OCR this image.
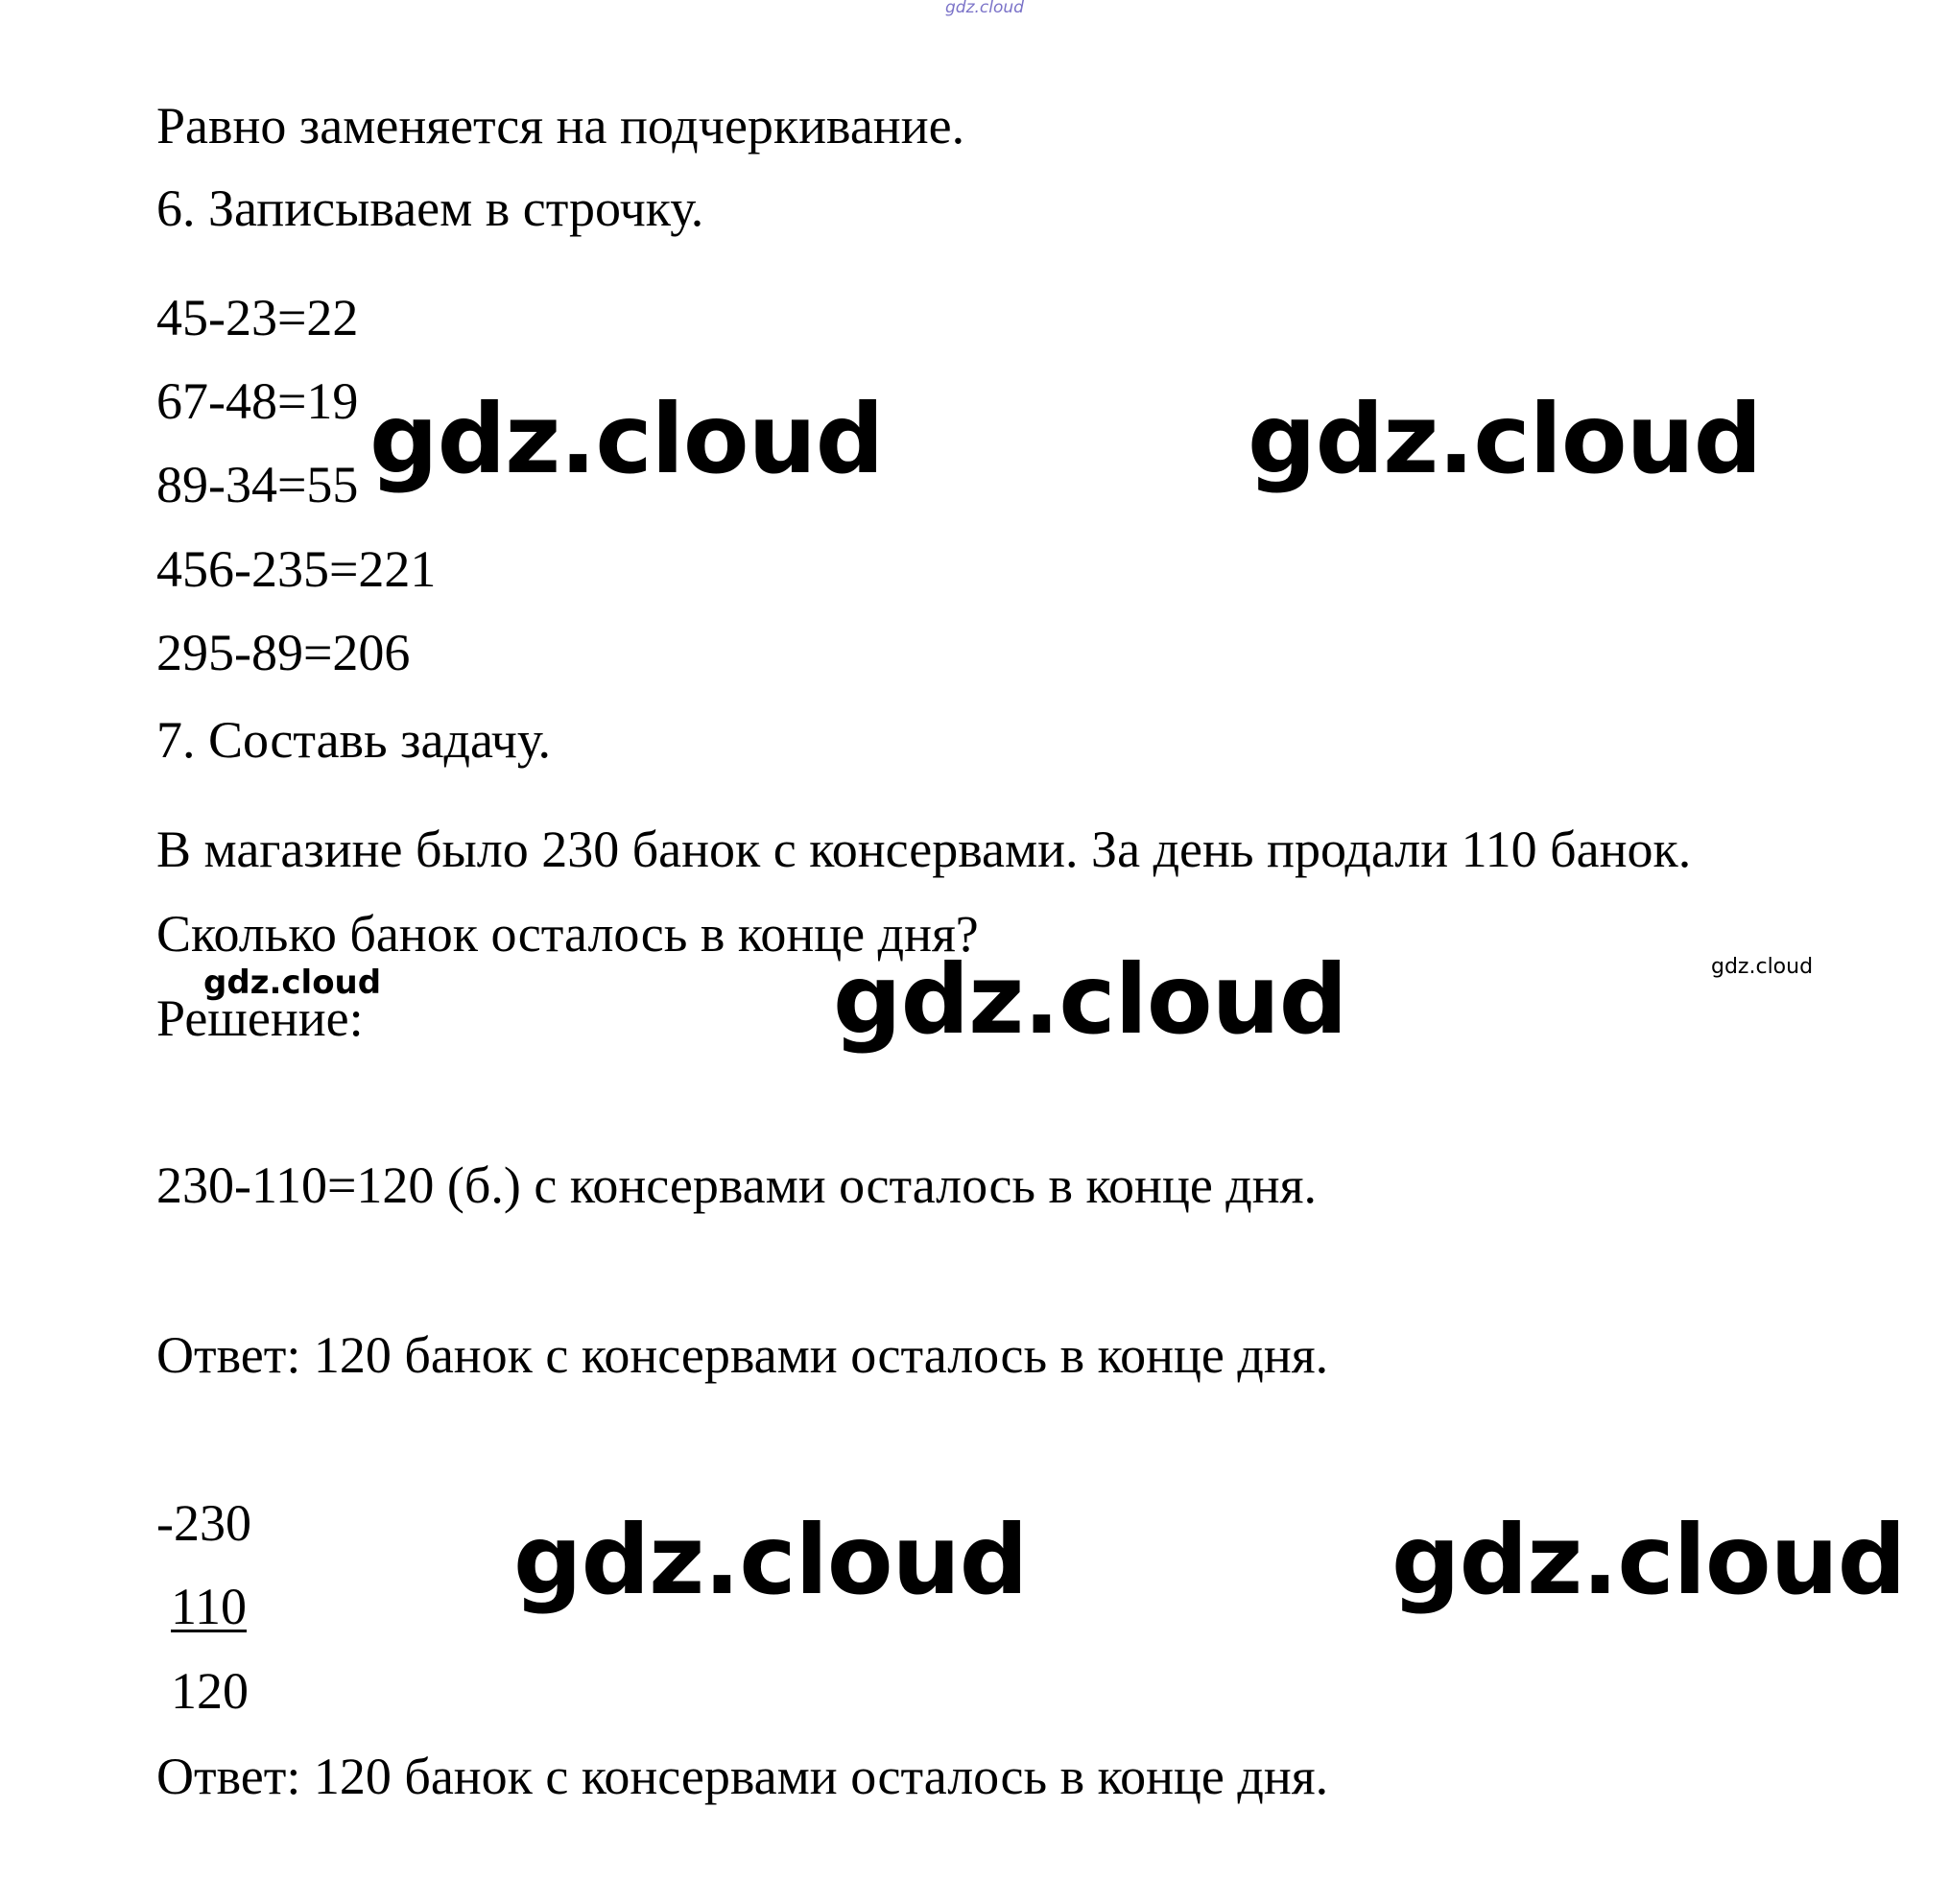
gdz.cloud
gdz.cloud	gdz.cloud
gdz.cloud	gdz.cloud	gdz.cloud
gdz.cloud	gdz.cloud
Равно заменяется на подчеркивание.
6. Записываем в строчку.
45-23=22
67-48=19
89-34=55
456-235=221
295-89=206
7. Составь задачу.
В магазине было 230 банок с консервами. За день продали 110 банок.
Сколько банок осталось в конце дня?
Решение:
230-110=120 (б.) с консервами осталось в конце дня.
Ответ: 120 банок с консервами осталось в конце дня.
-230
110
120
Ответ: 120 банок с консервами осталось в конце дня.
